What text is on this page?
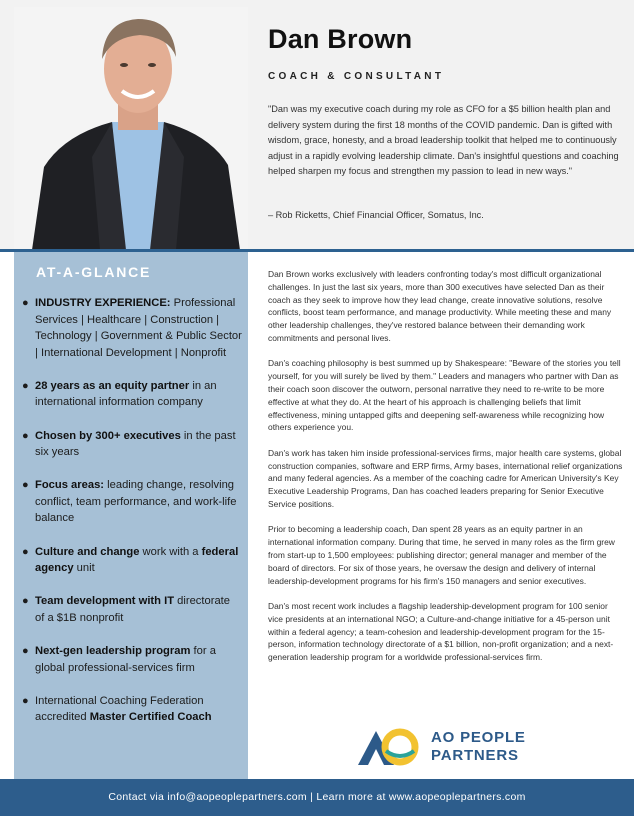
Dan Brown
COACH & CONSULTANT
"Dan was my executive coach during my role as CFO for a $5 billion health plan and delivery system during the first 18 months of the COVID pandemic. Dan is gifted with wisdom, grace, honesty, and a broad leadership toolkit that helped me to continuously adjust in a rapidly evolving leadership climate. Dan's insightful questions and coaching helped sharpen my focus and strengthen my passion to lead in new ways."
– Rob Ricketts, Chief Financial Officer, Somatus, Inc.
AT-A-GLANCE
● INDUSTRY EXPERIENCE: Professional Services | Healthcare | Construction | Technology | Government & Public Sector | International Development | Nonprofit
● 28 years as an equity partner in an international information company
● Chosen by 300+ executives in the past six years
● Focus areas: leading change, resolving conflict, team performance, and work-life balance
● Culture and change work with a federal agency unit
● Team development with IT directorate of a $1B nonprofit
● Next-gen leadership program for a global professional-services firm
● International Coaching Federation accredited Master Certified Coach

Dan Brown works exclusively with leaders confronting today's most difficult organizational challenges. In just the last six years, more than 300 executives have selected Dan as their coach as they seek to improve how they lead change, create innovative solutions, resolve conflicts, boost team performance, and manage productivity. While meeting these and many other leadership challenges, they've restored balance between their demanding work commitments and personal lives.

Dan's coaching philosophy is best summed up by Shakespeare: "Beware of the stories you tell yourself, for you will surely be lived by them." Leaders and managers who partner with Dan as their coach soon discover the outworn, personal narrative they need to re-write to be more effective at what they do. At the heart of his approach is challenging beliefs that limit effectiveness, mining untapped gifts and deepening self-awareness while recognizing how others experience you.

Dan's work has taken him inside professional-services firms, major health care systems, global construction companies, software and ERP firms, Army bases, international relief organizations and many federal agencies. As a member of the coaching cadre for American University's Key Executive Leadership Programs, Dan has coached leaders preparing for Senior Executive Service positions.

Prior to becoming a leadership coach, Dan spent 28 years as an equity partner in an international information company. During that time, he served in many roles as the firm grew from start-up to 1,500 employees: publishing director; general manager and member of the board of directors. For six of those years, he oversaw the design and delivery of internal leadership-development programs for his firm's 150 managers and senior executives.

Dan's most recent work includes a flagship leadership-development program for 100 senior vice presidents at an international NGO; a Culture-and-change initiative for a 45-person unit within a federal agency; a team-cohesion and leadership-development program for the 15-person, information technology directorate of a $1 billion, non-profit organization; and a next-generation leadership program for a worldwide professional-services firm.

AO PEOPLE
PARTNERS
Contact via info@aopeoplepartners.com | Learn more at www.aopeoplepartners.com
